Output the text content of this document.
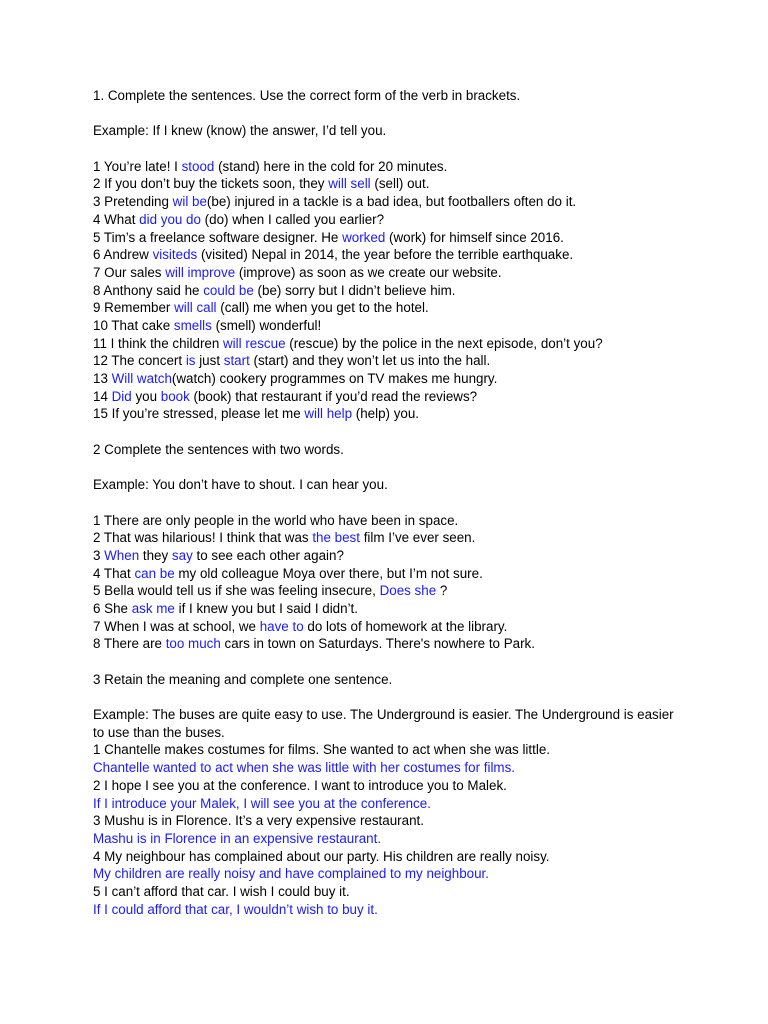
1. Complete the sentences. Use the correct form of the verb in brackets.
Example: If I knew (know) the answer, I’d tell you.
1 You’re late! I stood (stand) here in the cold for 20 minutes.
2 If you don’t buy the tickets soon, they will sell (sell) out.
3 Pretending wil be(be) injured in a tackle is a bad idea, but footballers often do it.
4 What did you do (do) when I called you earlier?
5 Tim’s a freelance software designer. He worked (work) for himself since 2016.
6 Andrew visiteds (visited) Nepal in 2014, the year before the terrible earthquake.
7 Our sales will improve (improve) as soon as we create our website.
8 Anthony said he could be (be) sorry but I didn’t believe him.
9 Remember will call (call) me when you get to the hotel.
10 That cake smells (smell) wonderful!
11 I think the children will rescue (rescue) by the police in the next episode, don’t you?
12 The concert is just start (start) and they won’t let us into the hall.
13 Will watch(watch) cookery programmes on TV makes me hungry.
14 Did you book (book) that restaurant if you’d read the reviews?
15 If you’re stressed, please let me will help (help) you.
2 Complete the sentences with two words.
Example: You don’t have to shout. I can hear you.
1 There are only people in the world who have been in space.
2 That was hilarious! I think that was the best film I’ve ever seen.
3 When they say to see each other again?
4 That can be my old colleague Moya over there, but I’m not sure.
5 Bella would tell us if she was feeling insecure, Does she ?
6 She ask me if I knew you but I said I didn’t.
7 When I was at school, we have to do lots of homework at the library.
8 There are too much cars in town on Saturdays. There's nowhere to Park.
3 Retain the meaning and complete one sentence.
Example: The buses are quite easy to use. The Underground is easier. The Underground is easier to use than the buses.
1 Chantelle makes costumes for films. She wanted to act when she was little.
Chantelle wanted to act when she was little with her costumes for films.
2 I hope I see you at the conference. I want to introduce you to Malek.
If I introduce your Malek, I will see you at the conference.
3 Mushu is in Florence. It’s a very expensive restaurant.
Mashu is in Florence in an expensive restaurant.
4 My neighbour has complained about our party. His children are really noisy.
My children are really noisy and have complained to my neighbour.
5 I can’t afford that car. I wish I could buy it.
If I could afford that car, I wouldn’t wish to buy it.
